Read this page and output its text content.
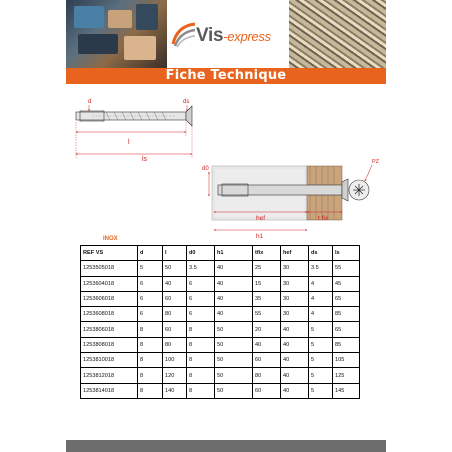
Vis-express
Fiche Technique
d	ds
l
ls
d0
hef	t fix
h1
PZ
INOX
REF VS	d	l	d0	h1	tfix	hef	ds	ls
1253505018	5	50	3.5	40	25	30	3.5	55
1253604018	6	40	6	40	15	30	4	45
1253606018	6	60	6	40	35	30	4	65
1253608018	6	80	6	40	55	30	4	85
1253806018	8	60	8	50	20	40	5	65
1253808018	8	80	8	50	40	40	5	85
1253810018	8	100	8	50	60	40	5	105
1253812018	8	120	8	50	80	40	5	125
1253814018	8	140	8	50	60	40	5	145
